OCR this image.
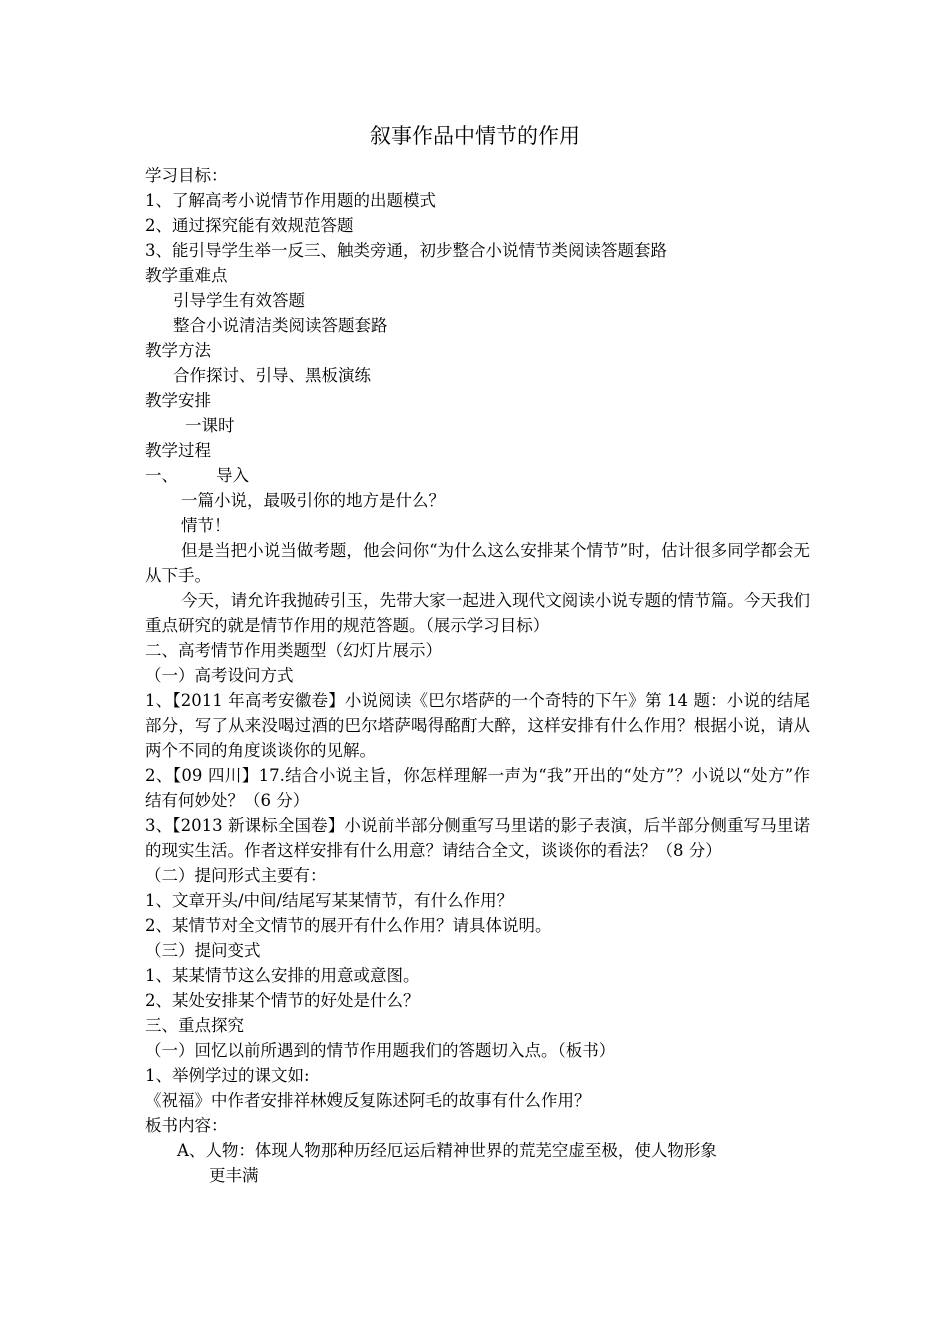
叙事作品中情节的作用
学习目标：
1、了解高考小说情节作用题的出题模式
2、通过探究能有效规范答题
3、能引导学生举一反三、触类旁通，初步整合小说情节类阅读答题套路
教学重难点
引导学生有效答题
整合小说清洁类阅读答题套路
教学方法
合作探讨、引导、黑板演练
教学安排
一课时
教学过程
一、 导入
一篇小说，最吸引你的地方是什么？
情节！
但是当把小说当做考题，他会问你“为什么这么安排某个情节”时，估计很多同学都会无从下手。
今天，请允许我抛砖引玉，先带大家一起进入现代文阅读小说专题的情节篇。今天我们重点研究的就是情节作用的规范答题。（展示学习目标）
二、高考情节作用类题型（幻灯片展示）
（一）高考设问方式
1、【2011 年高考安徽卷】小说阅读《巴尔塔萨的一个奇特的下午》第 14 题：小说的结尾部分，写了从来没喝过酒的巴尔塔萨喝得酩酊大醉，这样安排有什么作用？根据小说，请从两个不同的角度谈谈你的见解。
2、【09 四川】17.结合小说主旨，你怎样理解一声为“我”开出的“处方”？小说以“处方”作结有何妙处？（6 分）
3、【2013 新课标全国卷】小说前半部分侧重写马里诺的影子表演，后半部分侧重写马里诺的现实生活。作者这样安排有什么用意？请结合全文，谈谈你的看法？（8 分）
（二）提问形式主要有：
1、文章开头/中间/结尾写某某情节，有什么作用？
2、某情节对全文情节的展开有什么作用？请具体说明。
（三）提问变式
1、某某情节这么安排的用意或意图。
2、某处安排某个情节的好处是什么？
三、重点探究
（一）回忆以前所遇到的情节作用题我们的答题切入点。（板书）
1、举例学过的课文如:
《祝福》中作者安排祥林嫂反复陈述阿毛的故事有什么作用？
板书内容：
A、人物：体现人物那种历经厄运后精神世界的荒芜空虚至极，使人物形象
更丰满
